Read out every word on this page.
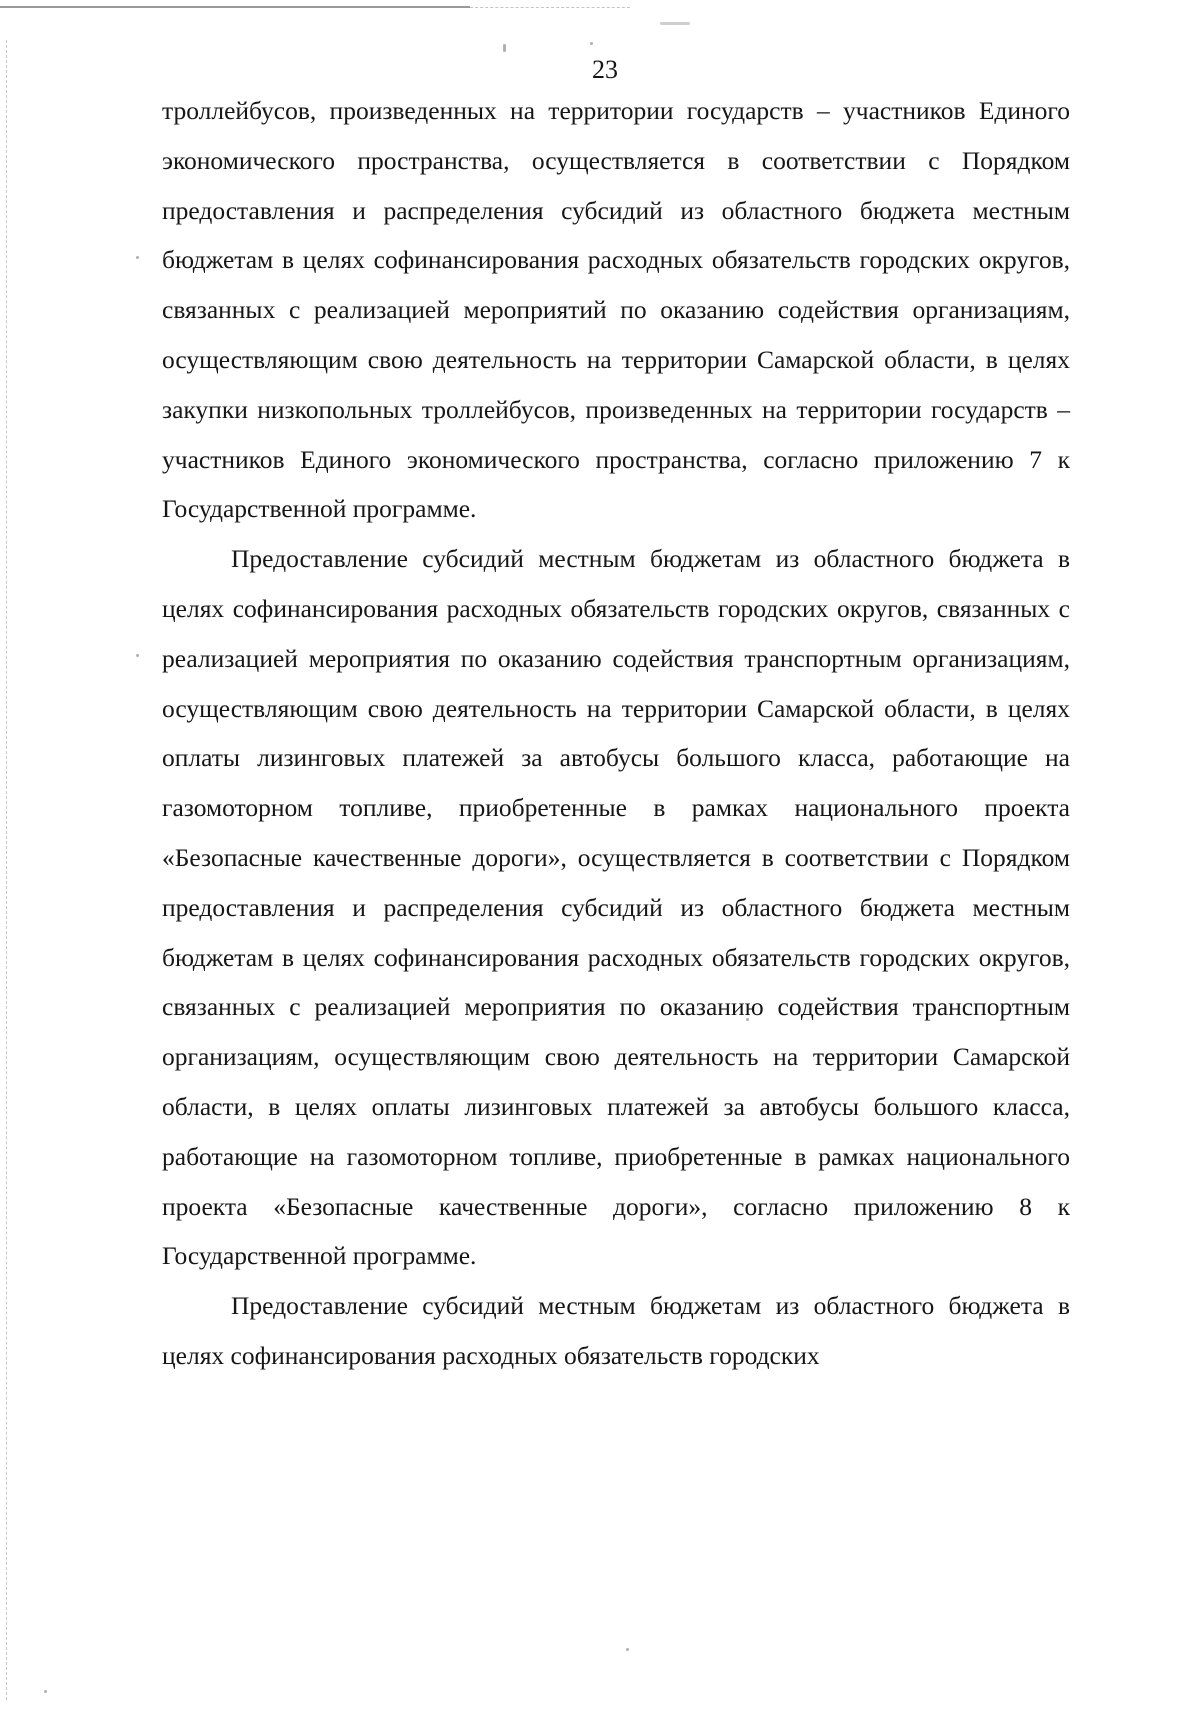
23

троллейбусов, произведенных на территории государств – участников Единого экономического пространства, осуществляется в соответствии с Порядком предоставления и распределения субсидий из областного бюджета местным бюджетам в целях софинансирования расходных обязательств городских округов, связанных с реализацией мероприятий по оказанию содействия организациям, осуществляющим свою деятельность на территории Самарской области, в целях закупки низкопольных троллейбусов, произведенных на территории государств – участников Единого экономического пространства, согласно приложению 7 к Государственной программе.

Предоставление субсидий местным бюджетам из областного бюджета в целях софинансирования расходных обязательств городских округов, связанных с реализацией мероприятия по оказанию содействия транспортным организациям, осуществляющим свою деятельность на территории Самарской области, в целях оплаты лизинговых платежей за автобусы большого класса, работающие на газомоторном топливе, приобретенные в рамках национального проекта «Безопасные качественные дороги», осуществляется в соответствии с Порядком предоставления и распределения субсидий из областного бюджета местным бюджетам в целях софинансирования расходных обязательств городских округов, связанных с реализацией мероприятия по оказанию содействия транспортным организациям, осуществляющим свою деятельность на территории Самарской области, в целях оплаты лизинговых платежей за автобусы большого класса, работающие на газомоторном топливе, приобретенные в рамках национального проекта «Безопасные качественные дороги», согласно приложению 8 к Государственной программе.

Предоставление субсидий местным бюджетам из областного бюджета в целях софинансирования расходных обязательств городских
